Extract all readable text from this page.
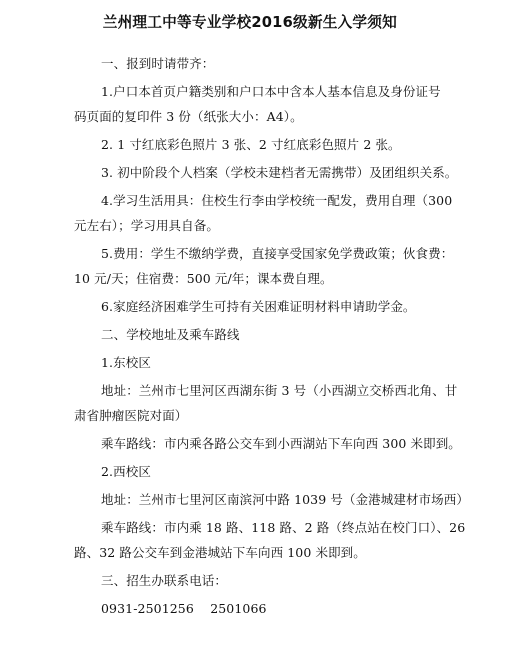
兰州理工中等专业学校2016级新生入学须知
一、报到时请带齐：
1.户口本首页户籍类别和户口本中含本人基本信息及身份证号
码页面的复印件 3 份（纸张大小：A4）。
2. 1 寸红底彩色照片 3 张、2 寸红底彩色照片 2 张。
3. 初中阶段个人档案（学校未建档者无需携带）及团组织关系。
4.学习生活用具：住校生行李由学校统一配发，费用自理（300
元左右）；学习用具自备。
5.费用：学生不缴纳学费，直接享受国家免学费政策；伙食费：
10 元/天；住宿费：500 元/年；课本费自理。
6.家庭经济困难学生可持有关困难证明材料申请助学金。
二、学校地址及乘车路线
1.东校区
地址：兰州市七里河区西湖东街 3 号（小西湖立交桥西北角、甘
肃省肿瘤医院对面）
乘车路线：市内乘各路公交车到小西湖站下车向西 300 米即到。
2.西校区
地址：兰州市七里河区南滨河中路 1039 号（金港城建材市场西）
乘车路线：市内乘 18 路、118 路、2 路（终点站在校门口）、26
路、32 路公交车到金港城站下车向西 100 米即到。
三、招生办联系电话：
0931-2501256    2501066
